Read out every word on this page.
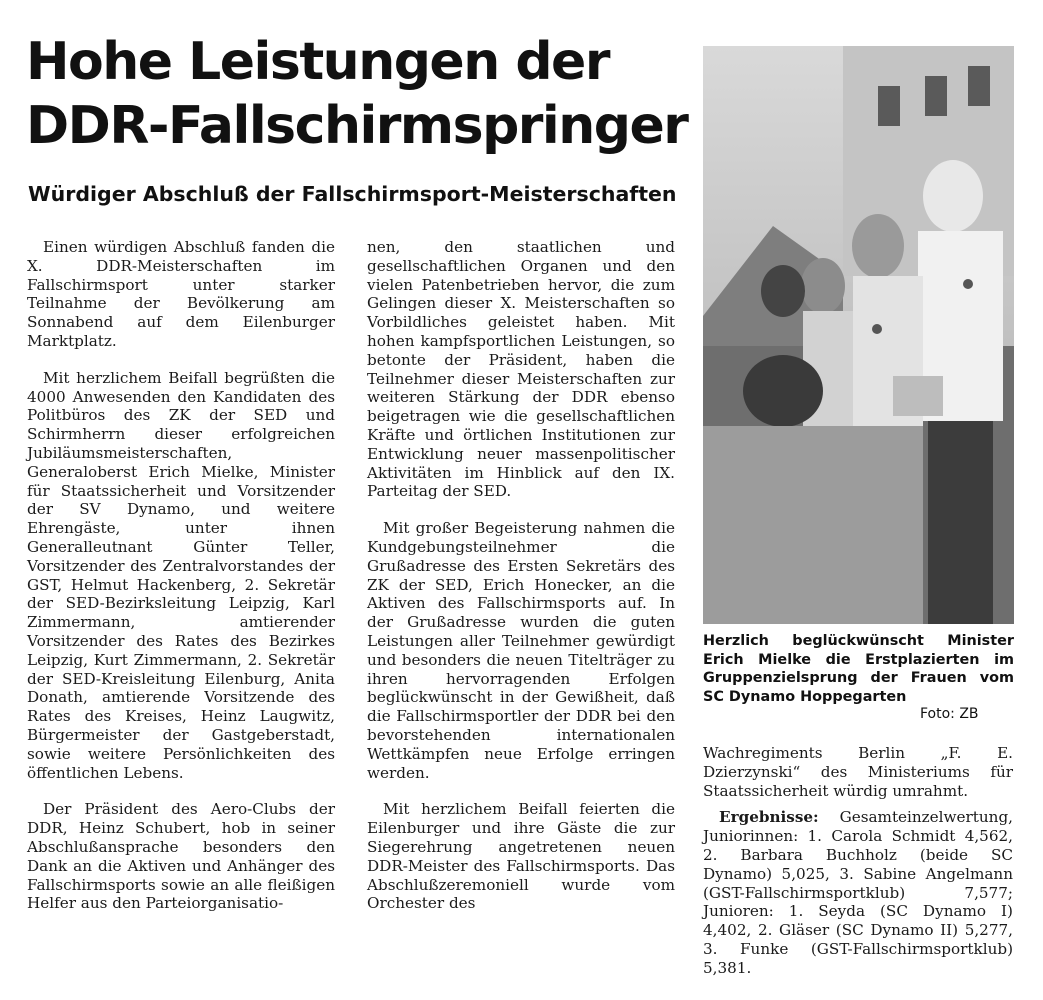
Hohe Leistungen der
DDR-Fallschirmspringer
Würdiger Abschluß der Fallschirmsport-Meisterschaften

Einen würdigen Abschluß fanden die X. DDR-Meisterschaften im Fallschirmsport unter starker Teilnahme der Bevölkerung am Sonnabend auf dem Eilenburger Marktplatz.

Mit herzlichem Beifall begrüßten die 4000 Anwesenden den Kandidaten des Politbüros des ZK der SED und Schirmherrn dieser erfolgreichen Jubiläumsmeisterschaften, Generaloberst Erich Mielke, Minister für Staatssicherheit und Vorsitzender der SV Dynamo, und weitere Ehrengäste, unter ihnen Generalleutnant Günter Teller, Vorsitzender des Zentralvorstandes der GST, Helmut Hackenberg, 2. Sekretär der SED-Bezirksleitung Leipzig, Karl Zimmermann, amtierender Vorsitzender des Rates des Bezirkes Leipzig, Kurt Zimmermann, 2. Sekretär der SED-Kreisleitung Eilenburg, Anita Donath, amtierende Vorsitzende des Rates des Kreises, Heinz Laugwitz, Bürgermeister der Gastgeberstadt, sowie weitere Persönlichkeiten des öffentlichen Lebens.

Der Präsident des Aero-Clubs der DDR, Heinz Schubert, hob in seiner Abschlußansprache besonders den Dank an die Aktiven und Anhänger des Fallschirmsports sowie an alle fleißigen Helfer aus den Parteiorganisatio-

nen, den staatlichen und gesellschaftlichen Organen und den vielen Patenbetrieben hervor, die zum Gelingen dieser X. Meisterschaften so Vorbildliches geleistet haben. Mit hohen kampfsportlichen Leistungen, so betonte der Präsident, haben die Teilnehmer dieser Meisterschaften zur weiteren Stärkung der DDR ebenso beigetragen wie die gesellschaftlichen Kräfte und örtlichen Institutionen zur Entwicklung neuer massenpolitischer Aktivitäten im Hinblick auf den IX. Parteitag der SED.

Mit großer Begeisterung nahmen die Kundgebungsteilnehmer die Grußadresse des Ersten Sekretärs des ZK der SED, Erich Honecker, an die Aktiven des Fallschirmsports auf. In der Grußadresse wurden die guten Leistungen aller Teilnehmer gewürdigt und besonders die neuen Titelträger zu ihren hervorragenden Erfolgen beglückwünscht in der Gewißheit, daß die Fallschirmsportler der DDR bei den bevorstehenden internationalen Wettkämpfen neue Erfolge erringen werden.

Mit herzlichem Beifall feierten die Eilenburger und ihre Gäste die zur Siegerehrung angetretenen neuen DDR-Meister des Fallschirmsports. Das Abschlußzeremoniell wurde vom Orchester des

Herzlich beglückwünscht Minister Erich Mielke die Erstplazierten im Gruppenzielsprung der Frauen vom SC Dynamo Hoppegarten
Foto: ZB

Wachregiments Berlin „F. E. Dzierzynski“ des Ministeriums für Staatssicherheit würdig umrahmt.

Ergebnisse: Gesamteinzelwertung, Juniorinnen: 1. Carola Schmidt 4,562, 2. Barbara Buchholz (beide SC Dynamo) 5,025, 3. Sabine Angelmann (GST-Fallschirmsportklub) 7,577; Junioren: 1. Seyda (SC Dynamo I) 4,402, 2. Gläser (SC Dynamo II) 5,277, 3. Funke (GST-Fallschirmsportklub) 5,381.
